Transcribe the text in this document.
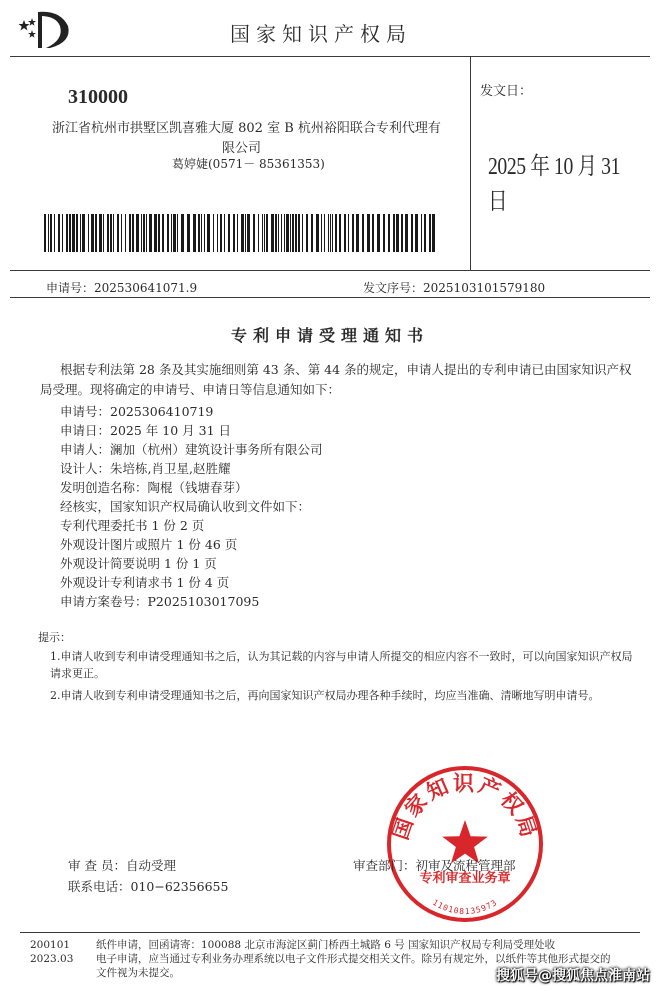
国家知识产权局
310000
浙江省杭州市拱墅区凯喜雅大厦 802 室 B 杭州裕阳联合专利代理有
限公司
葛婷婕(0571－ 85361353)
发文日：
2025 年 10 月 31 日
申请号：202530641071.9	发文序号：2025103101579180
专利申请受理通知书
根据专利法第 28 条及其实施细则第 43 条、第 44 条的规定，申请人提出的专利申请已由国家知识产权局受理。现将确定的申请号、申请日等信息通知如下：
申请号：2025306410719
申请日：2025 年 10 月 31 日
申请人：澜加（杭州）建筑设计事务所有限公司
设计人：朱培栋,肖卫星,赵胜耀
发明创造名称：陶棍（钱塘春芽）
经核实，国家知识产权局确认收到文件如下：
专利代理委托书 1 份 2 页
外观设计图片或照片 1 份 46 页
外观设计简要说明 1 份 1 页
外观设计专利请求书 1 份 4 页
申请方案卷号：P2025103017095
提示：
1.申请人收到专利申请受理通知书之后，认为其记载的内容与申请人所提交的相应内容不一致时，可以向国家知识产权局请求更正。
2.申请人收到专利申请受理通知书之后，再向国家知识产权局办理各种手续时，均应当准确、清晰地写明申请号。
国家知识产权局
专利审查业务章
110108135973
审 查 员：自动受理
联系电话：010−62356655
审查部门：初审及流程管理部
200101
2023.03
纸件申请，回函请寄：100088 北京市海淀区蓟门桥西土城路 6 号 国家知识产权局专利局受理处收
电子申请，应当通过专利业务办理系统以电子文件形式提交相关文件。除另有规定外，以纸件等其他形式提交的
文件视为未提交。	搜狐号@搜狐焦点淮南站
